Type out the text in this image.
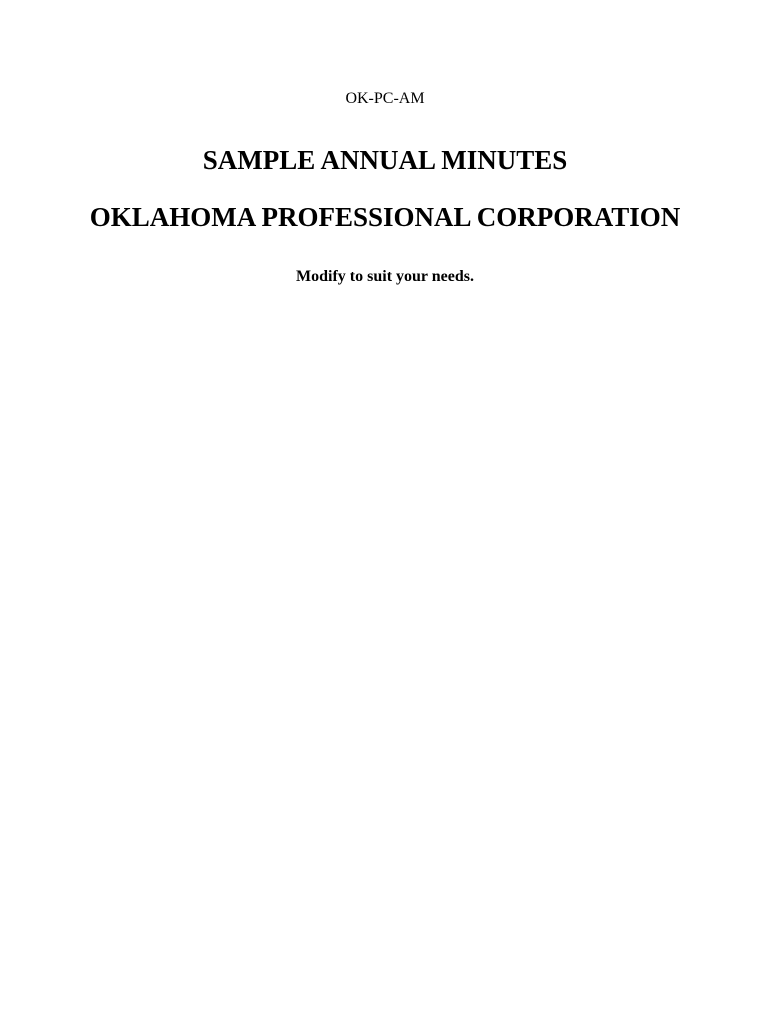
OK-PC-AM

SAMPLE ANNUAL MINUTES
OKLAHOMA PROFESSIONAL CORPORATION

Modify to suit your needs.
